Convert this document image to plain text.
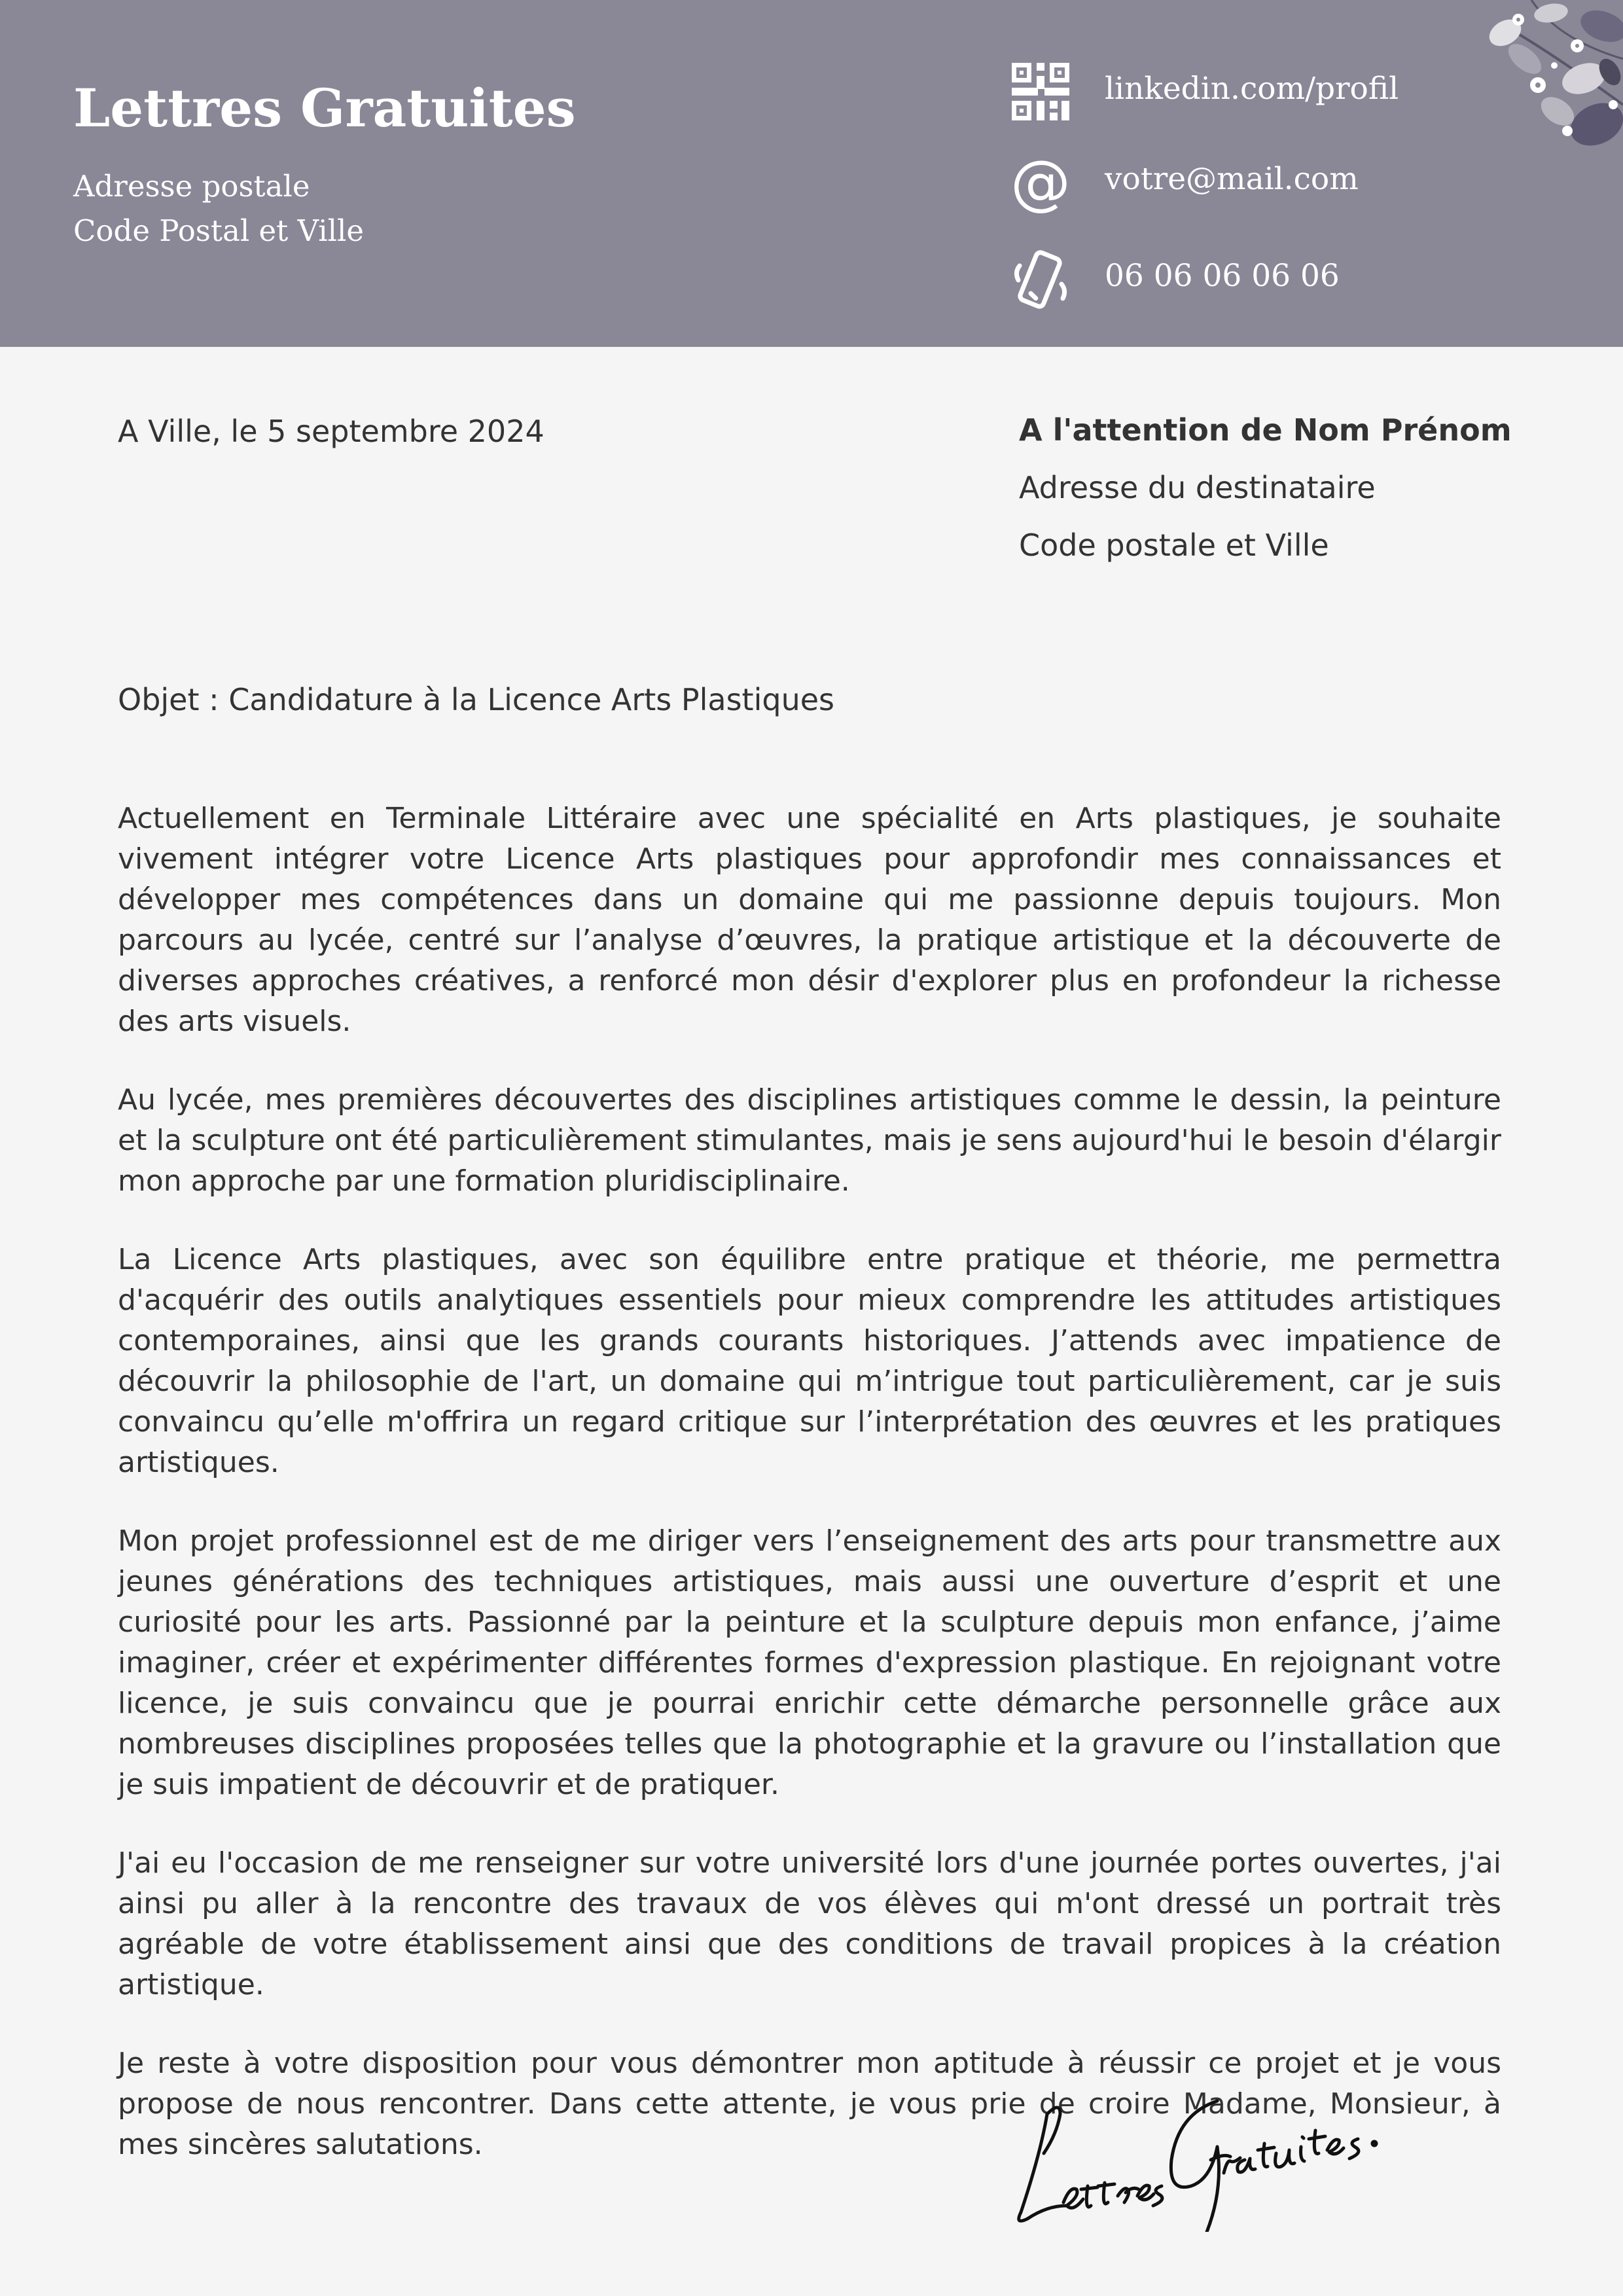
Lettres Gratuites
Adresse postale
Code Postal et Ville
linkedin.com/profil
@ votre@mail.com
06 06 06 06 06
A Ville, le 5 septembre 2024	A l'attention de Nom Prénom
Adresse du destinataire
Code postale et Ville
Objet : Candidature à la Licence Arts Plastiques

Actuellement en Terminale Littéraire avec une spécialité en Arts plastiques, je souhaite vivement intégrer votre Licence Arts plastiques pour approfondir mes connaissances et développer mes compétences dans un domaine qui me passionne depuis toujours. Mon parcours au lycée, centré sur l’analyse d’œuvres, la pratique artistique et la découverte de diverses approches créatives, a renforcé mon désir d'explorer plus en profondeur la richesse des arts visuels.

Au lycée, mes premières découvertes des disciplines artistiques comme le dessin, la peinture et la sculpture ont été particulièrement stimulantes, mais je sens aujourd'hui le besoin d'élargir mon approche par une formation pluridisciplinaire.

La Licence Arts plastiques, avec son équilibre entre pratique et théorie, me permettra d'acquérir des outils analytiques essentiels pour mieux comprendre les attitudes artistiques contemporaines, ainsi que les grands courants historiques. J’attends avec impatience de découvrir la philosophie de l'art, un domaine qui m’intrigue tout particulièrement, car je suis convaincu qu’elle m'offrira un regard critique sur l’interprétation des œuvres et les pratiques artistiques.

Mon projet professionnel est de me diriger vers l’enseignement des arts pour transmettre aux jeunes générations des techniques artistiques, mais aussi une ouverture d’esprit et une curiosité pour les arts. Passionné par la peinture et la sculpture depuis mon enfance, j’aime imaginer, créer et expérimenter différentes formes d'expression plastique. En rejoignant votre licence, je suis convaincu que je pourrai enrichir cette démarche personnelle grâce aux nombreuses disciplines proposées telles que la photographie et la gravure ou l’installation que je suis impatient de découvrir et de pratiquer.

J'ai eu l'occasion de me renseigner sur votre université lors d'une journée portes ouvertes, j'ai ainsi pu aller à la rencontre des travaux de vos élèves qui m'ont dressé un portrait très agréable de votre établissement ainsi que des conditions de travail propices à la création artistique.

Je reste à votre disposition pour vous démontrer mon aptitude à réussir ce projet et je vous propose de nous rencontrer. Dans cette attente, je vous prie de croire Madame, Monsieur, à mes sincères salutations.
